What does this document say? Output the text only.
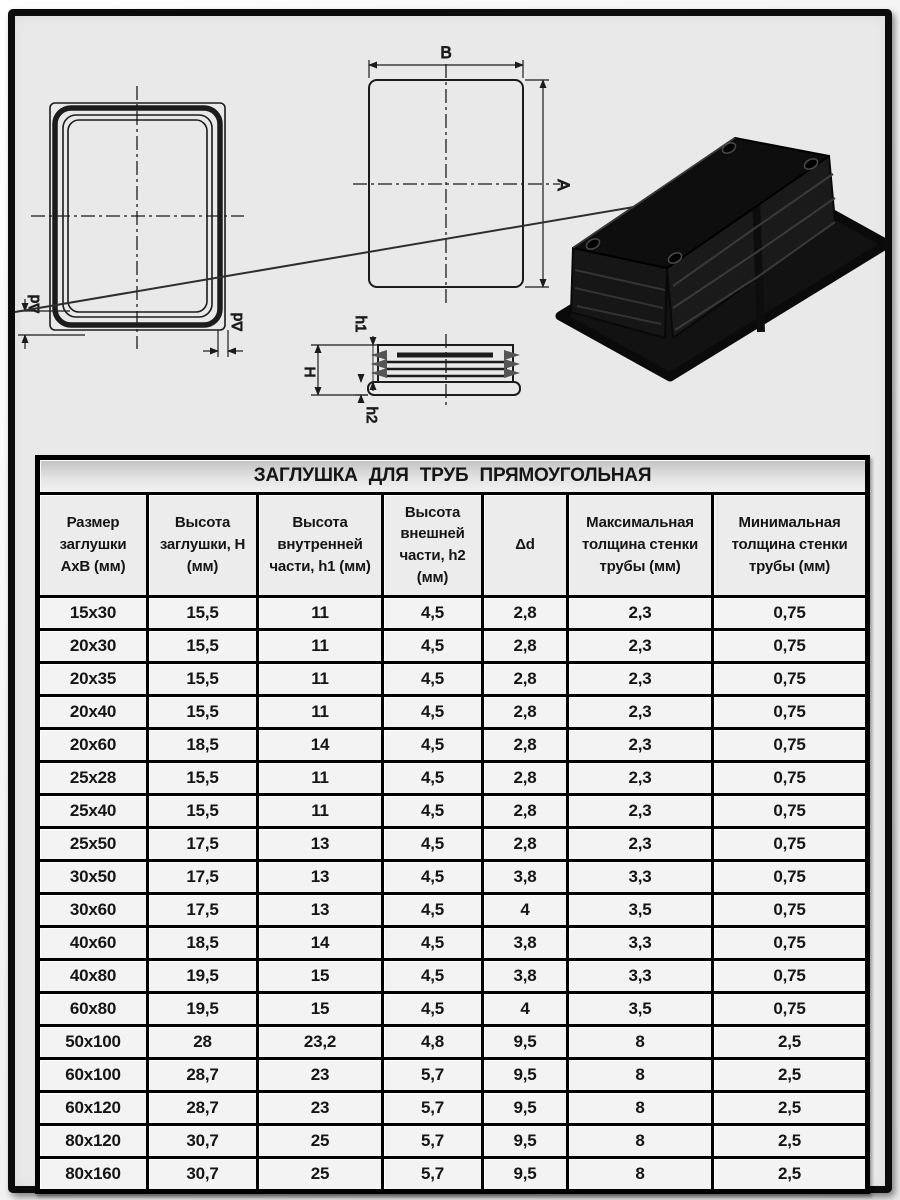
Δd
Δd
B
A
H
h1
h2
ЗАГЛУШКА ДЛЯ ТРУБ ПРЯМОУГОЛЬНАЯ						
Размер заглушки АхВ (мм)	Высота заглушки, Н (мм)	Высота внутренней части, h1 (мм)	Высота внешней части, h2 (мм)	Δd	Максимальная толщина стенки трубы (мм)	Минимальная толщина стенки трубы (мм)
15x30	15,5	11	4,5	2,8	2,3	0,75
20x30	15,5	11	4,5	2,8	2,3	0,75
20x35	15,5	11	4,5	2,8	2,3	0,75
20x40	15,5	11	4,5	2,8	2,3	0,75
20x60	18,5	14	4,5	2,8	2,3	0,75
25x28	15,5	11	4,5	2,8	2,3	0,75
25x40	15,5	11	4,5	2,8	2,3	0,75
25x50	17,5	13	4,5	2,8	2,3	0,75
30x50	17,5	13	4,5	3,8	3,3	0,75
30x60	17,5	13	4,5	4	3,5	0,75
40x60	18,5	14	4,5	3,8	3,3	0,75
40x80	19,5	15	4,5	3,8	3,3	0,75
60x80	19,5	15	4,5	4	3,5	0,75
50x100	28	23,2	4,8	9,5	8	2,5
60x100	28,7	23	5,7	9,5	8	2,5
60x120	28,7	23	5,7	9,5	8	2,5
80x120	30,7	25	5,7	9,5	8	2,5
80x160	30,7	25	5,7	9,5	8	2,5
